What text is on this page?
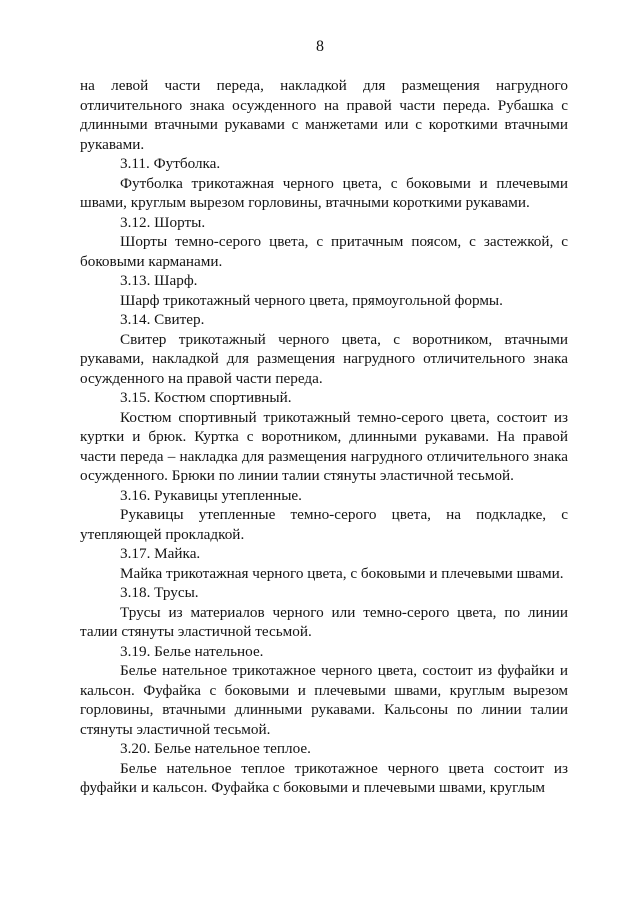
8

на левой части переда, накладкой для размещения нагрудного отличительного знака осужденного на правой части переда. Рубашка с длинными втачными рукавами с манжетами или с короткими втачными рукавами.

3.11. Футболка.

Футболка трикотажная черного цвета, с боковыми и плечевыми швами, круглым вырезом горловины, втачными короткими рукавами.

3.12. Шорты.

Шорты темно-серого цвета, с притачным поясом, с застежкой, с боковыми карманами.

3.13. Шарф.

Шарф трикотажный черного цвета, прямоугольной формы.

3.14. Свитер.

Свитер трикотажный черного цвета, с воротником, втачными рукавами, накладкой для размещения нагрудного отличительного знака осужденного на правой части переда.

3.15. Костюм спортивный.

Костюм спортивный трикотажный темно-серого цвета, состоит из куртки и брюк. Куртка с воротником, длинными рукавами. На правой части переда – накладка для размещения нагрудного отличительного знака осужденного. Брюки по линии талии стянуты эластичной тесьмой.

3.16. Рукавицы утепленные.

Рукавицы утепленные темно-серого цвета, на подкладке, с утепляющей прокладкой.

3.17. Майка.

Майка трикотажная черного цвета, с боковыми и плечевыми швами.

3.18. Трусы.

Трусы из материалов черного или темно-серого цвета, по линии талии стянуты эластичной тесьмой.

3.19. Белье нательное.

Белье нательное трикотажное черного цвета, состоит из фуфайки и кальсон. Фуфайка с боковыми и плечевыми швами, круглым вырезом горловины, втачными длинными рукавами. Кальсоны по линии талии стянуты эластичной тесьмой.

3.20. Белье нательное теплое.

Белье нательное теплое трикотажное черного цвета состоит из фуфайки и кальсон. Фуфайка с боковыми и плечевыми швами, круглым
